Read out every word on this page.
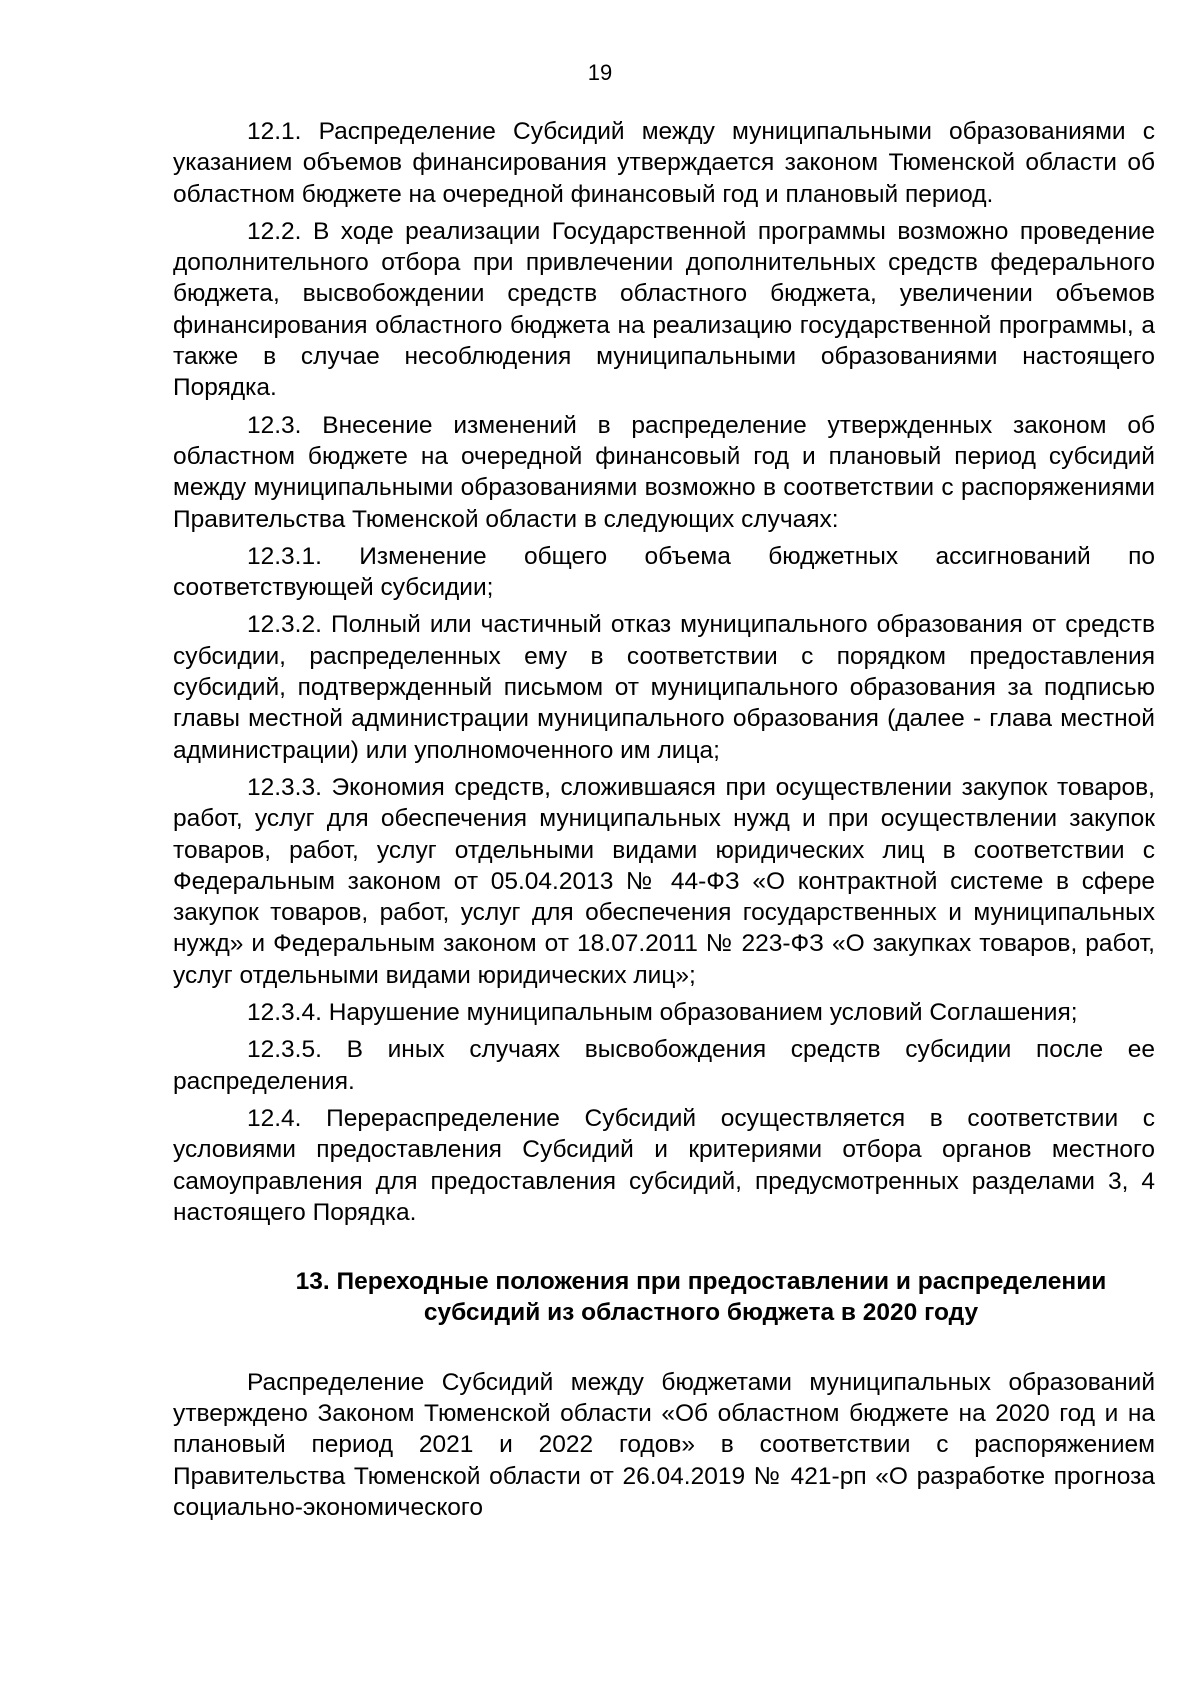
19

12.1. Распределение Субсидий между муниципальными образованиями с указанием объемов финансирования утверждается законом Тюменской области об областном бюджете на очередной финансовый год и плановый период.

12.2. В ходе реализации Государственной программы возможно проведение дополнительного отбора при привлечении дополнительных средств федерального бюджета, высвобождении средств областного бюджета, увеличении объемов финансирования областного бюджета на реализацию государственной программы, а также в случае несоблюдения муниципальными образованиями настоящего Порядка.

12.3. Внесение изменений в распределение утвержденных законом об областном бюджете на очередной финансовый год и плановый период субсидий между муниципальными образованиями возможно в соответствии с распоряжениями Правительства Тюменской области в следующих случаях:

12.3.1. Изменение общего объема бюджетных ассигнований по соответствующей субсидии;

12.3.2. Полный или частичный отказ муниципального образования от средств субсидии, распределенных ему в соответствии с порядком предоставления субсидий, подтвержденный письмом от муниципального образования за подписью главы местной администрации муниципального образования (далее - глава местной администрации) или уполномоченного им лица;

12.3.3. Экономия средств, сложившаяся при осуществлении закупок товаров, работ, услуг для обеспечения муниципальных нужд и при осуществлении закупок товаров, работ, услуг отдельными видами юридических лиц в соответствии с Федеральным законом от 05.04.2013 № 44-ФЗ «О контрактной системе в сфере закупок товаров, работ, услуг для обеспечения государственных и муниципальных нужд» и Федеральным законом от 18.07.2011 № 223-ФЗ «О закупках товаров, работ, услуг отдельными видами юридических лиц»;

12.3.4. Нарушение муниципальным образованием условий Соглашения;

12.3.5. В иных случаях высвобождения средств субсидии после ее распределения.

12.4. Перераспределение Субсидий осуществляется в соответствии с условиями предоставления Субсидий и критериями отбора органов местного самоуправления для предоставления субсидий, предусмотренных разделами 3, 4 настоящего Порядка.

13. Переходные положения при предоставлении и распределении

субсидий из областного бюджета в 2020 году

Распределение Субсидий между бюджетами муниципальных образований утверждено Законом Тюменской области «Об областном бюджете на 2020 год и на плановый период 2021 и 2022 годов» в соответствии с распоряжением Правительства Тюменской области от 26.04.2019 № 421-рп «О разработке прогноза социально-экономического
